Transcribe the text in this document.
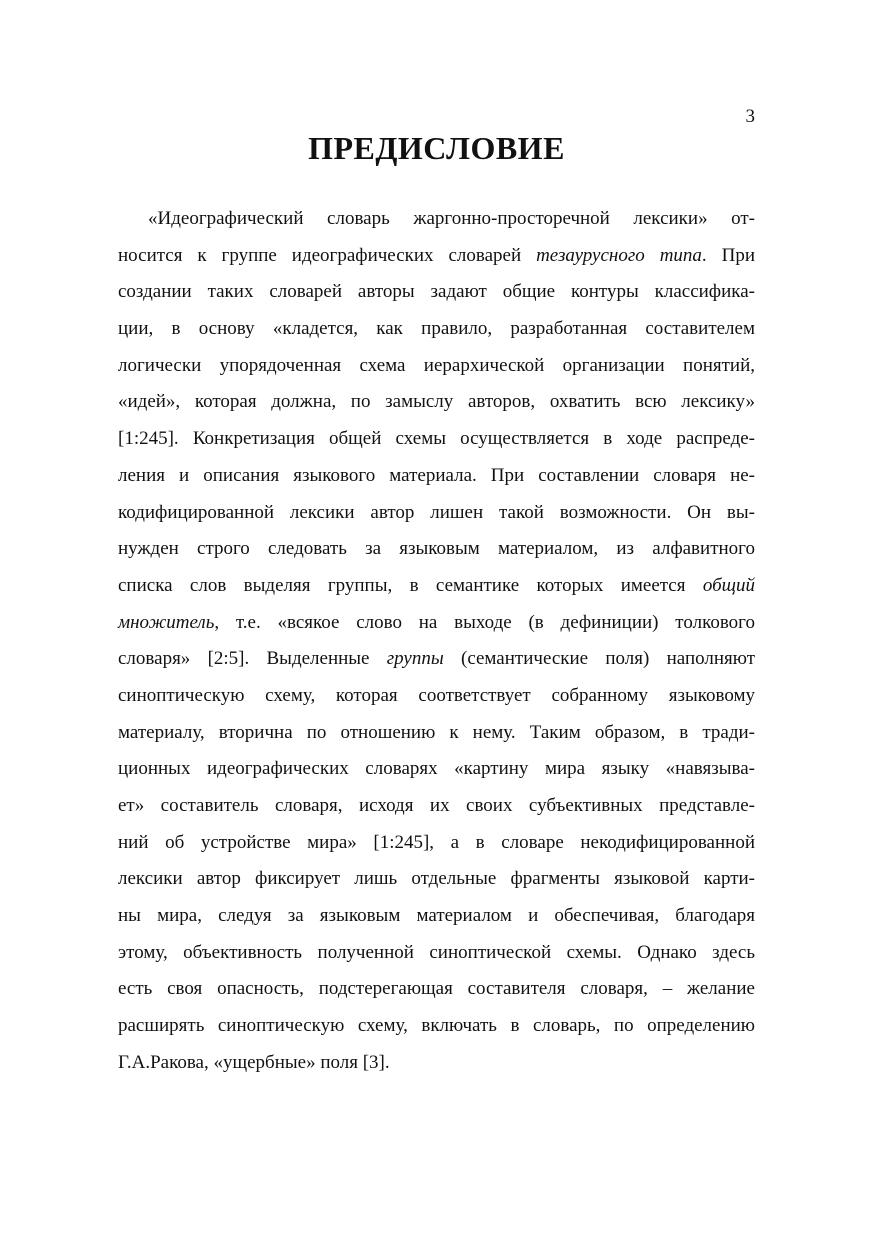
3
ПРЕДИСЛОВИЕ
«Идеографический словарь жаргонно-просторечной лексики» от-
носится к группе идеографических словарей тезаурусного типа. При
создании таких словарей авторы задают общие контуры классифика-
ции, в основу «кладется, как правило, разработанная составителем
логически упорядоченная схема иерархической организации понятий,
«идей», которая должна, по замыслу авторов, охватить всю лексику»
[1:245]. Конкретизация общей схемы осуществляется в ходе распреде-
ления и описания языкового материала. При составлении словаря не-
кодифицированной лексики автор лишен такой возможности. Он вы-
нужден строго следовать за языковым материалом, из алфавитного
списка слов выделяя группы, в семантике которых имеется общий
множитель, т.е. «всякое слово на выходе (в дефиниции) толкового
словаря» [2:5]. Выделенные группы (семантические поля) наполняют
синоптическую схему, которая соответствует собранному языковому
материалу, вторична по отношению к нему. Таким образом, в тради-
ционных идеографических словарях «картину мира языку «навязыва-
ет» составитель словаря, исходя их своих субъективных представле-
ний об устройстве мира» [1:245], а в словаре некодифицированной
лексики автор фиксирует лишь отдельные фрагменты языковой карти-
ны мира, следуя за языковым материалом и обеспечивая, благодаря
этому, объективность полученной синоптической схемы. Однако здесь
есть своя опасность, подстерегающая составителя словаря, – желание
расширять синоптическую схему, включать в словарь, по определению
Г.А.Ракова, «ущербные» поля [3].
